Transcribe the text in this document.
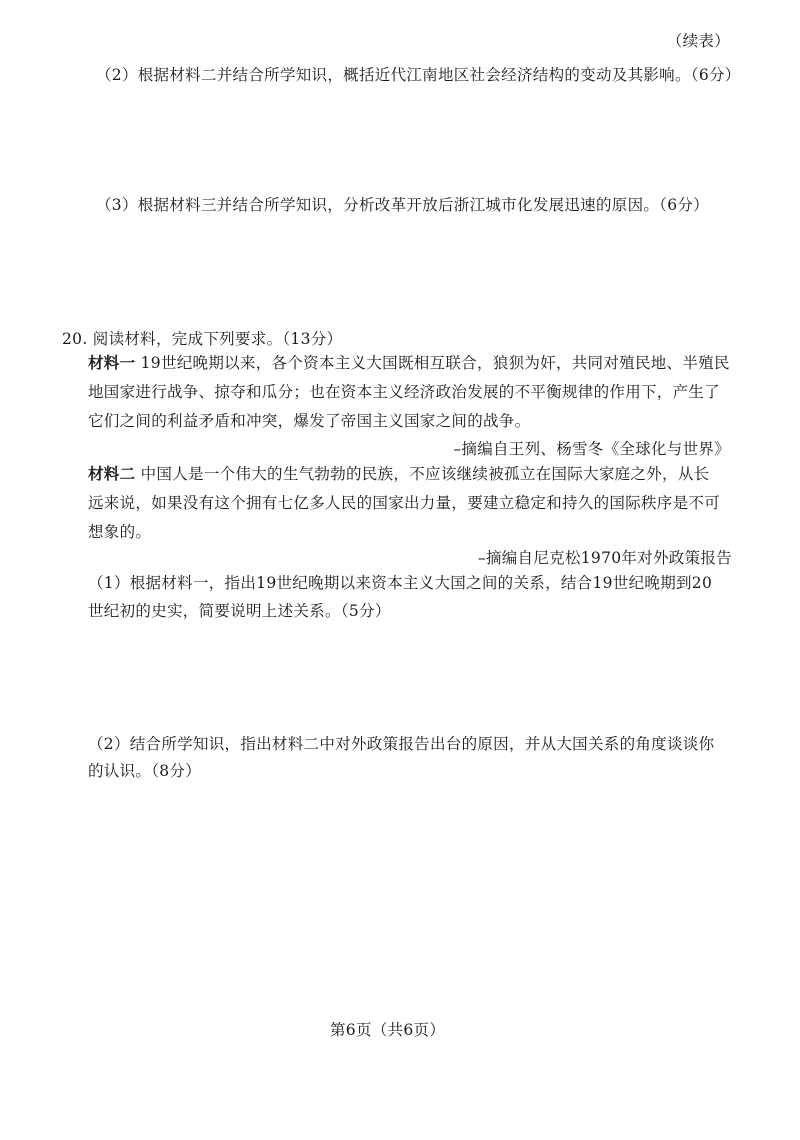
（续表）
（2）根据材料二并结合所学知识，概括近代江南地区社会经济结构的变动及其影响。（6分）
（3）根据材料三并结合所学知识，分析改革开放后浙江城市化发展迅速的原因。（6分）
20. 阅读材料，完成下列要求。（13分）
材料一 19世纪晚期以来，各个资本主义大国既相互联合，狼狈为奸，共同对殖民地、半殖民
地国家进行战争、掠夺和瓜分；也在资本主义经济政治发展的不平衡规律的作用下，产生了
它们之间的利益矛盾和冲突，爆发了帝国主义国家之间的战争。
–摘编自王列、杨雪冬《全球化与世界》
材料二 中国人是一个伟大的生气勃勃的民族，不应该继续被孤立在国际大家庭之外，从长
远来说，如果没有这个拥有七亿多人民的国家出力量，要建立稳定和持久的国际秩序是不可
想象的。
–摘编自尼克松1970年对外政策报告
（1）根据材料一，指出19世纪晚期以来资本主义大国之间的关系，结合19世纪晚期到20
世纪初的史实，简要说明上述关系。（5分）
（2）结合所学知识，指出材料二中对外政策报告出台的原因，并从大国关系的角度谈谈你
的认识。（8分）
第6页（共6页）
